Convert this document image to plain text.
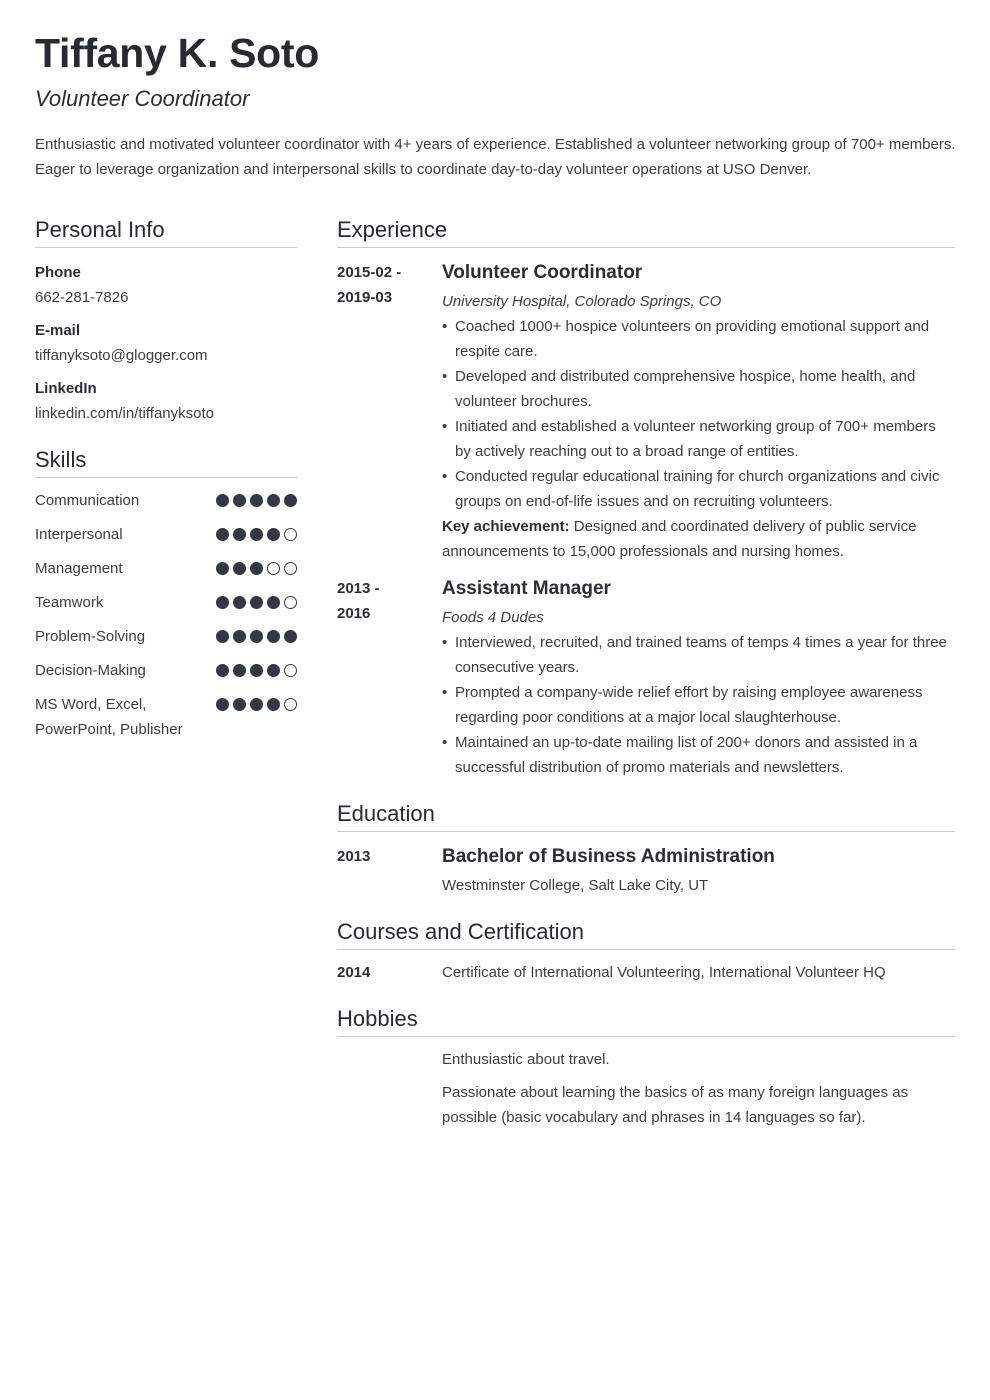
Tiffany K. Soto
Volunteer Coordinator

Enthusiastic and motivated volunteer coordinator with 4+ years of experience. Established a volunteer networking group of 700+ members. Eager to leverage organization and interpersonal skills to coordinate day-to-day volunteer operations at USO Denver.

Personal Info
Phone
662-281-7826
E-mail
tiffanyksoto@glogger.com
LinkedIn
linkedin.com/in/tiffanyksoto
Skills
Communication
Interpersonal
Management
Teamwork
Problem-Solving
Decision-Making
MS Word, Excel, PowerPoint, Publisher
Experience
2015-02 -
2019-03
Volunteer Coordinator
University Hospital, Colorado Springs, CO
• Coached 1000+ hospice volunteers on providing emotional support and respite care.
• Developed and distributed comprehensive hospice, home health, and volunteer brochures.
• Initiated and established a volunteer networking group of 700+ members by actively reaching out to a broad range of entities.
• Conducted regular educational training for church organizations and civic groups on end-of-life issues and on recruiting volunteers.

Key achievement: Designed and coordinated delivery of public service announcements to 15,000 professionals and nursing homes.

2013 -
2016
Assistant Manager
Foods 4 Dudes
• Interviewed, recruited, and trained teams of temps 4 times a year for three consecutive years.
• Prompted a company-wide relief effort by raising employee awareness regarding poor conditions at a major local slaughterhouse.
• Maintained an up-to-date mailing list of 200+ donors and assisted in a successful distribution of promo materials and newsletters.
Education
2013	Bachelor of Business Administration
Westminster College, Salt Lake City, UT
Courses and Certification
2014	Certificate of International Volunteering, International Volunteer HQ
Hobbies

Enthusiastic about travel.

Passionate about learning the basics of as many foreign languages as possible (basic vocabulary and phrases in 14 languages so far).
